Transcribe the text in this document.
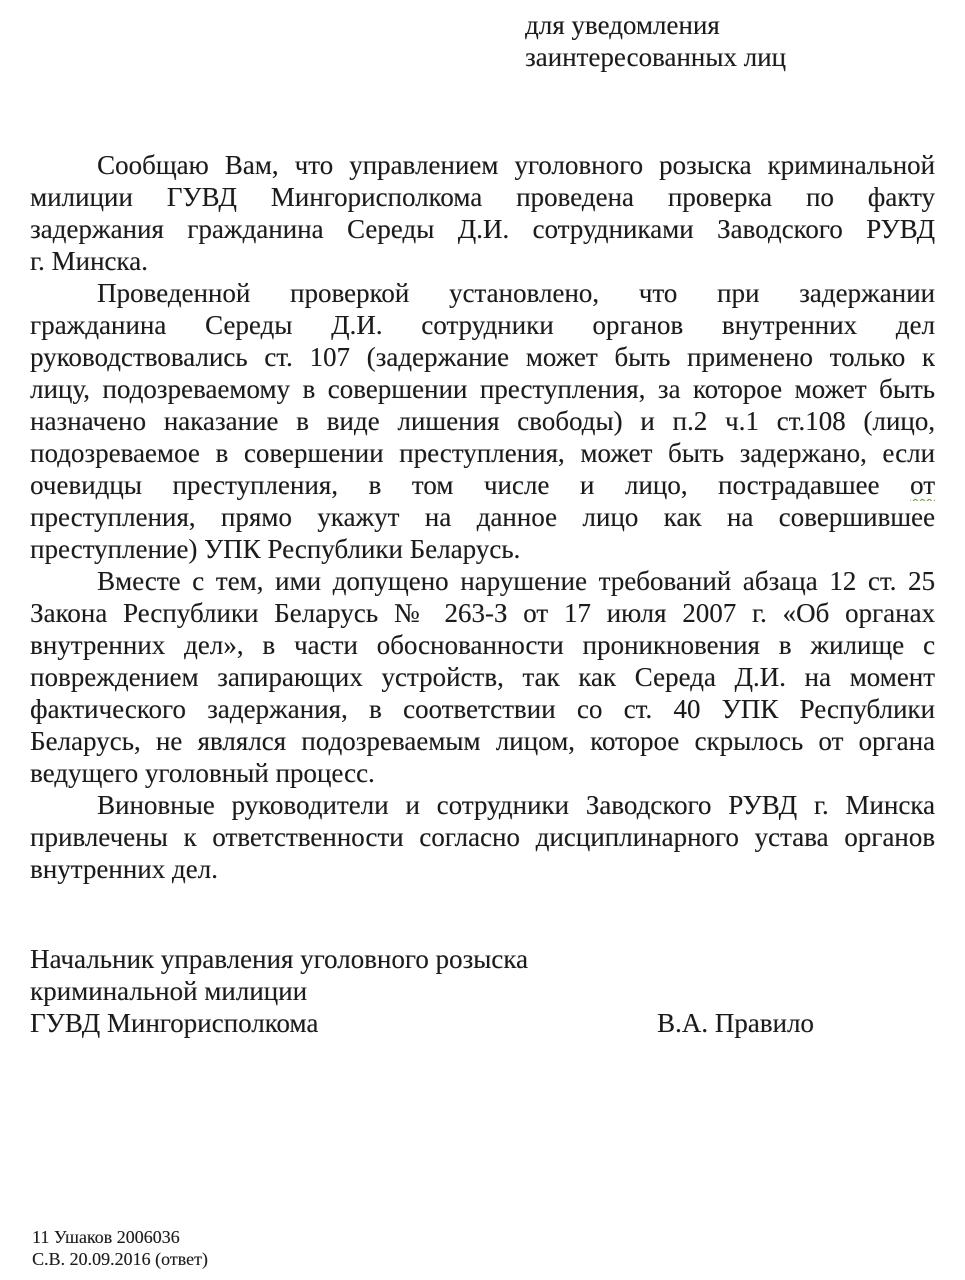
для уведомления
заинтересованных лиц
Сообщаю Вам, что управлением уголовного розыска криминальной
милиции ГУВД Мингорисполкома проведена проверка по факту
задержания гражданина Середы Д.И. сотрудниками Заводского РУВД
г. Минска.
Проведенной проверкой установлено, что при задержании
гражданина Середы Д.И. сотрудники органов внутренних дел
руководствовались ст. 107 (задержание может быть применено только к
лицу, подозреваемому в совершении преступления, за которое может быть
назначено наказание в виде лишения свободы) и п.2 ч.1 ст.108 (лицо,
подозреваемое в совершении преступления, может быть задержано, если
очевидцы преступления, в том числе и лицо, пострадавшее от
преступления, прямо укажут на данное лицо как на совершившее
преступление) УПК Республики Беларусь.
Вместе с тем, ими допущено нарушение требований абзаца 12 ст. 25
Закона Республики Беларусь № 263-З от 17 июля 2007 г. «Об органах
внутренних дел», в части обоснованности проникновения в жилище с
повреждением запирающих устройств, так как Середа Д.И. на момент
фактического задержания, в соответствии со ст. 40 УПК Республики
Беларусь, не являлся подозреваемым лицом, которое скрылось от органа
ведущего уголовный процесс.
Виновные руководители и сотрудники Заводского РУВД г. Минска
привлечены к ответственности согласно дисциплинарного устава органов
внутренних дел.
Начальник управления уголовного розыска
криминальной милиции
ГУВД Мингорисполкома	В.А. Правило
11 Ушаков 2006036
С.В. 20.09.2016 (ответ)
